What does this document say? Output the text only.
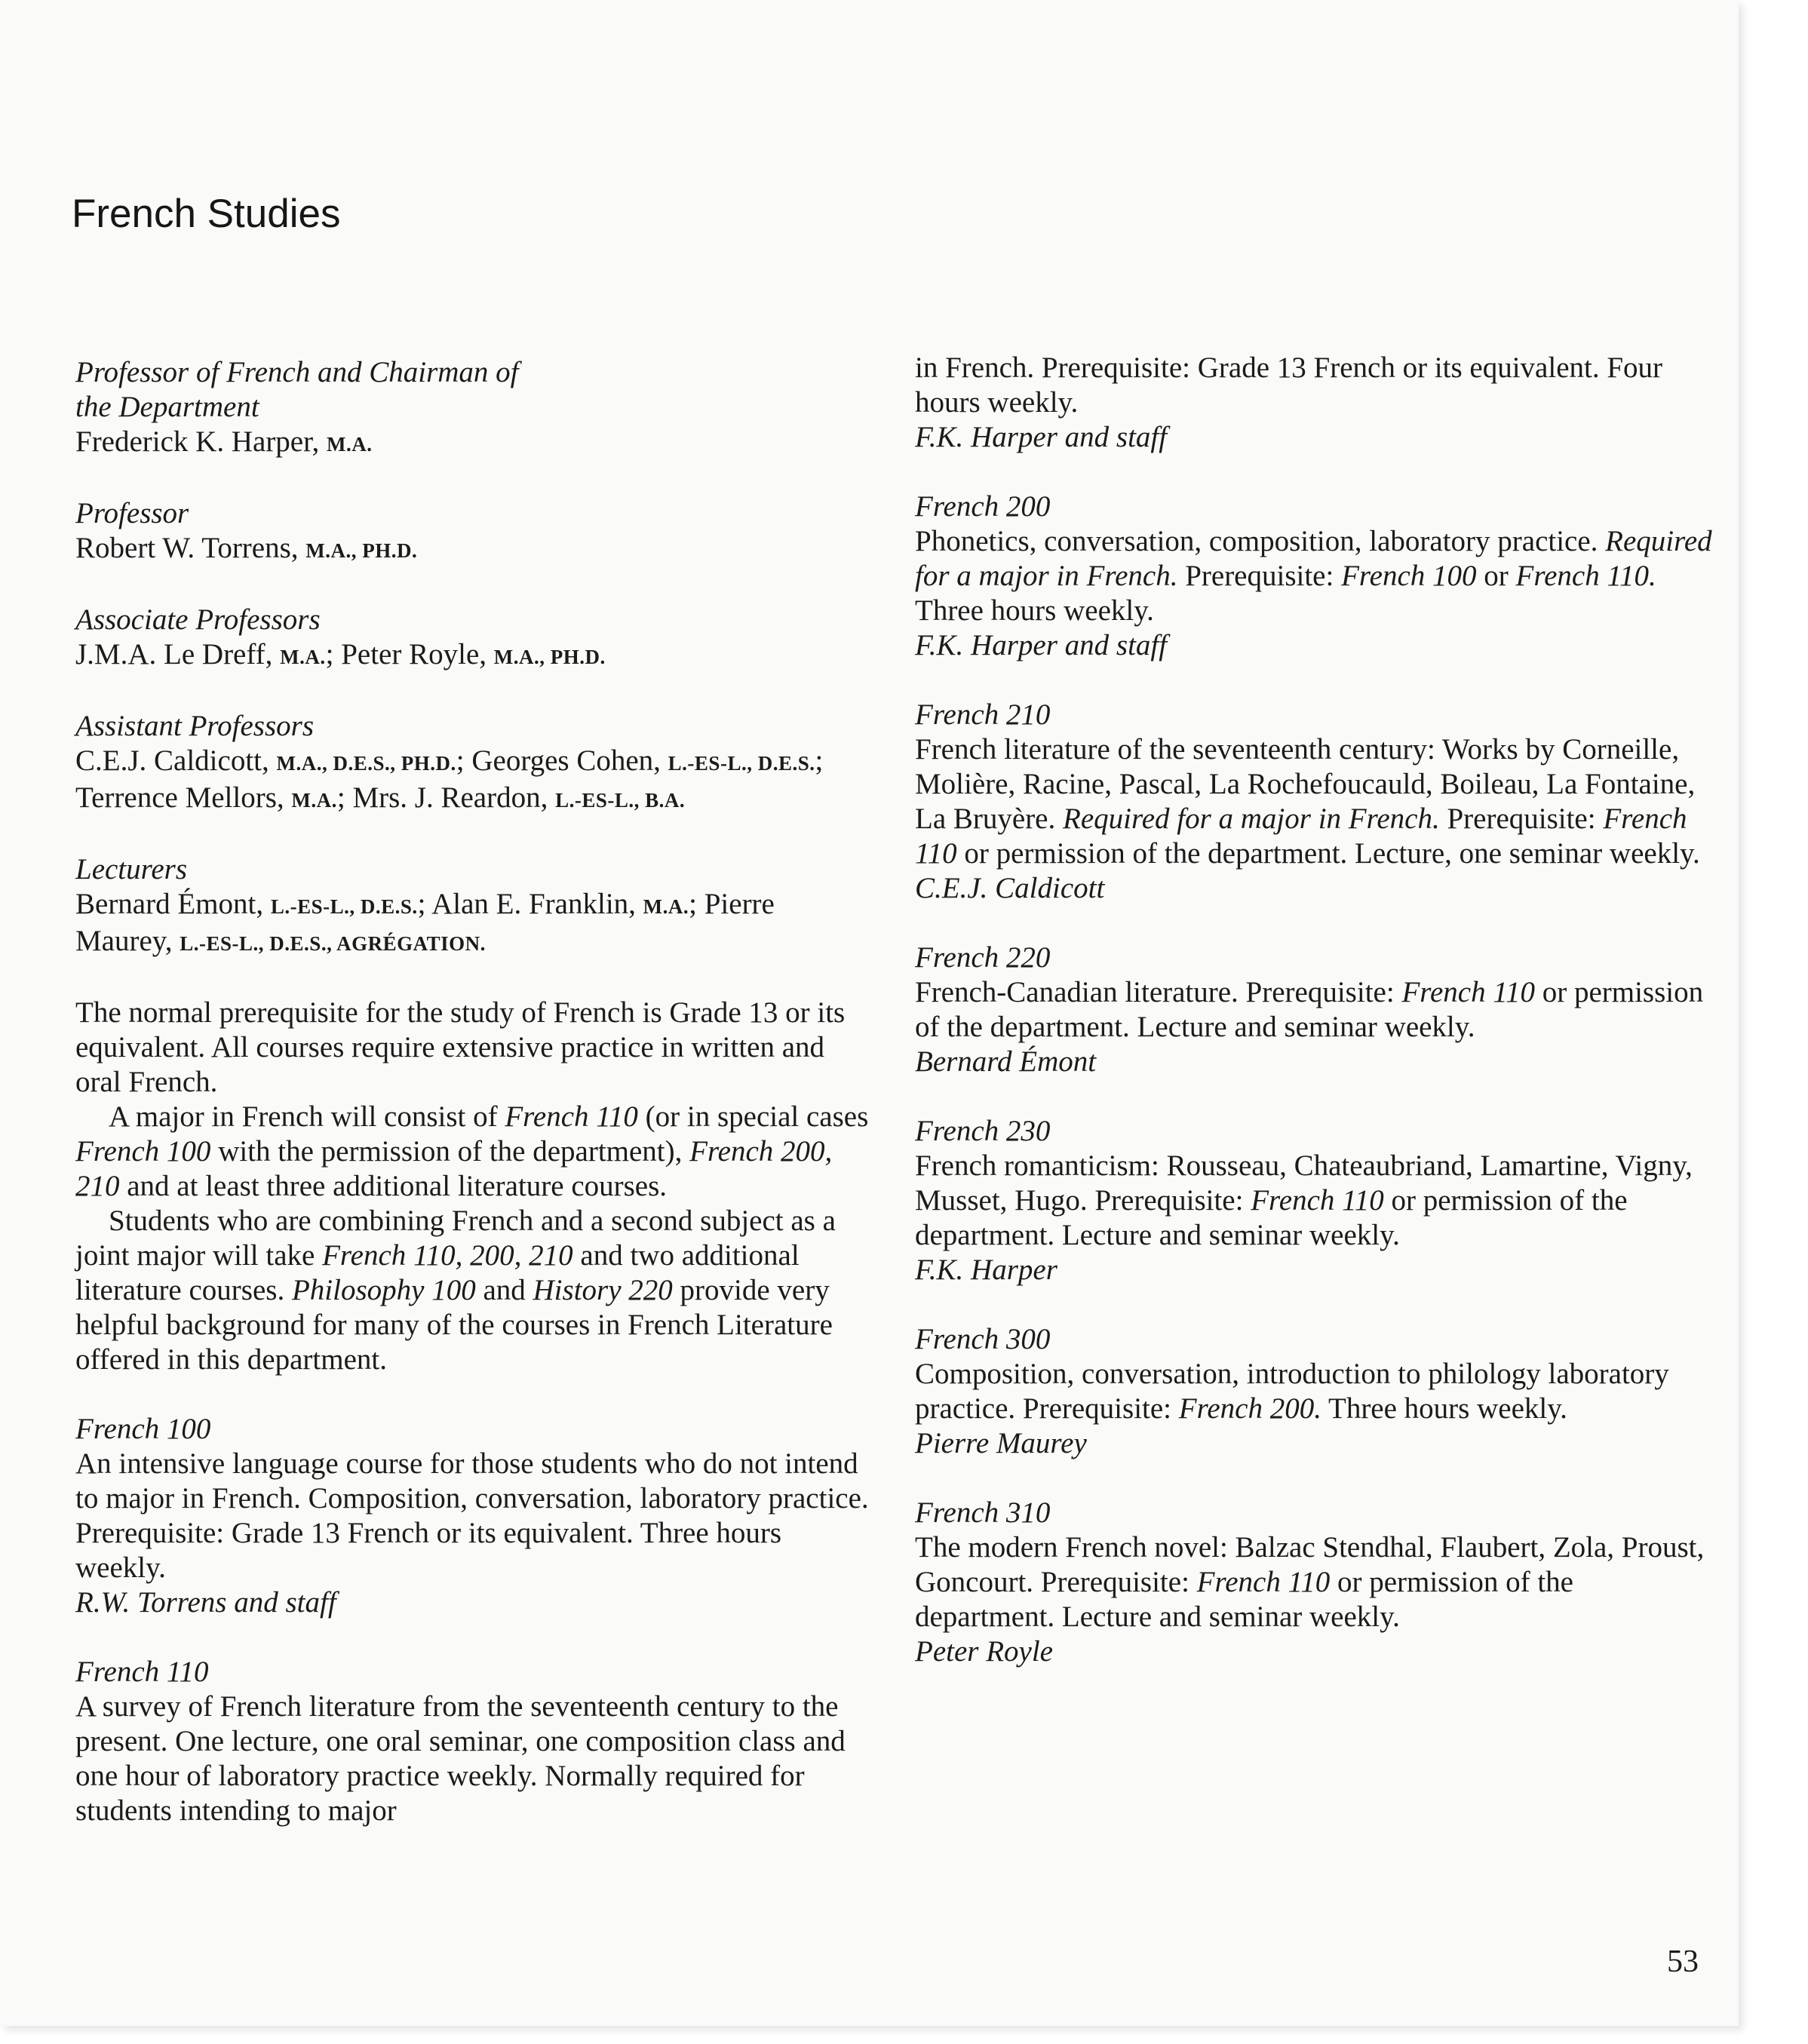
French Studies
Professor of French and Chairman of
the Department
Frederick K. Harper, M.A.
Professor
Robert W. Torrens, M.A., PH.D.
Associate Professors
J.M.A. Le Dreff, M.A.; Peter Royle, M.A., PH.D.
Assistant Professors
C.E.J. Caldicott, M.A., D.E.S., PH.D.; Georges Cohen, L.-ES-L., D.E.S.; Terrence Mellors, M.A.; Mrs. J. Reardon, L.-ES-L., B.A.
Lecturers
Bernard Émont, L.-ES-L., D.E.S.; Alan E. Franklin, M.A.; Pierre Maurey, L.-ES-L., D.E.S., AGRÉGATION.
The normal prerequisite for the study of French is Grade 13 or its equivalent. All courses require extensive practice in written and oral French.
A major in French will consist of French 110 (or in special cases French 100 with the permission of the department), French 200, 210 and at least three additional literature courses.
Students who are combining French and a second subject as a joint major will take French 110, 200, 210 and two additional literature courses. Philosophy 100 and History 220 provide very helpful background for many of the courses in French Literature offered in this department.
French 100
An intensive language course for those students who do not intend to major in French. Composition, conversation, laboratory practice. Prerequisite: Grade 13 French or its equivalent. Three hours weekly.
R.W. Torrens and staff
French 110
A survey of French literature from the seventeenth century to the present. One lecture, one oral seminar, one composition class and one hour of laboratory practice weekly. Normally required for students intending to major
in French. Prerequisite: Grade 13 French or its equivalent. Four hours weekly.
F.K. Harper and staff
French 200
Phonetics, conversation, composition, laboratory practice. Required for a major in French. Prerequisite: French 100 or French 110. Three hours weekly.
F.K. Harper and staff
French 210
French literature of the seventeenth century: Works by Corneille, Molière, Racine, Pascal, La Rochefoucauld, Boileau, La Fontaine, La Bruyère. Required for a major in French. Prerequisite: French 110 or permission of the department. Lecture, one seminar weekly.
C.E.J. Caldicott
French 220
French-Canadian literature. Prerequisite: French 110 or permission of the department. Lecture and seminar weekly.
Bernard Émont
French 230
French romanticism: Rousseau, Chateaubriand, Lamartine, Vigny, Musset, Hugo. Prerequisite: French 110 or permission of the department. Lecture and seminar weekly.
F.K. Harper
French 300
Composition, conversation, introduction to philology laboratory practice. Prerequisite: French 200. Three hours weekly.
Pierre Maurey
French 310
The modern French novel: Balzac Stendhal, Flaubert, Zola, Proust, Goncourt. Prerequisite: French 110 or permission of the department. Lecture and seminar weekly.
Peter Royle
53
